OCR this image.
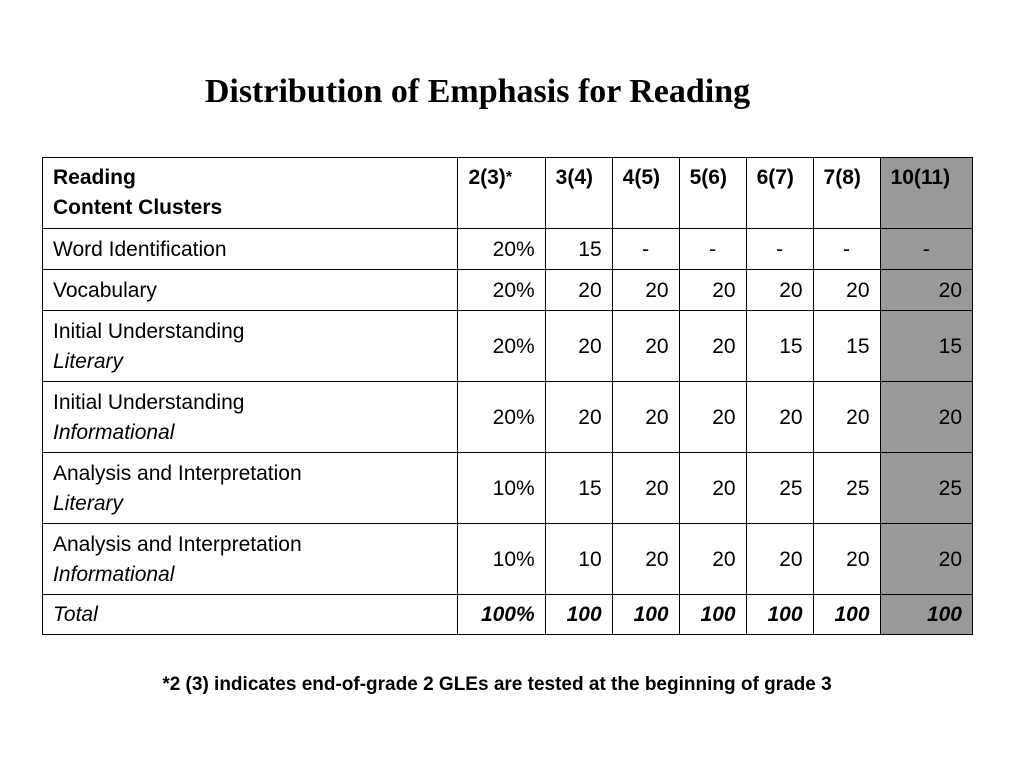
Distribution of Emphasis for Reading
Reading
Content Clusters	2(3)*	3(4)	4(5)	5(6)	6(7)	7(8)	10(11)
Word Identification	20%	15	-	-	-	-	-
Vocabulary	20%	20	20	20	20	20	20

Initial Understanding
Literary	20%	20	20	20	15	15	15

Initial Understanding
Informational	20%	20	20	20	20	20	20

Analysis and Interpretation
Literary	10%	15	20	20	25	25	25

Analysis and Interpretation
Informational	10%	10	20	20	20	20	20
Total	100%	100	100	100	100	100	100
*2 (3) indicates end-of-grade 2 GLEs are tested at the beginning of grade 3
